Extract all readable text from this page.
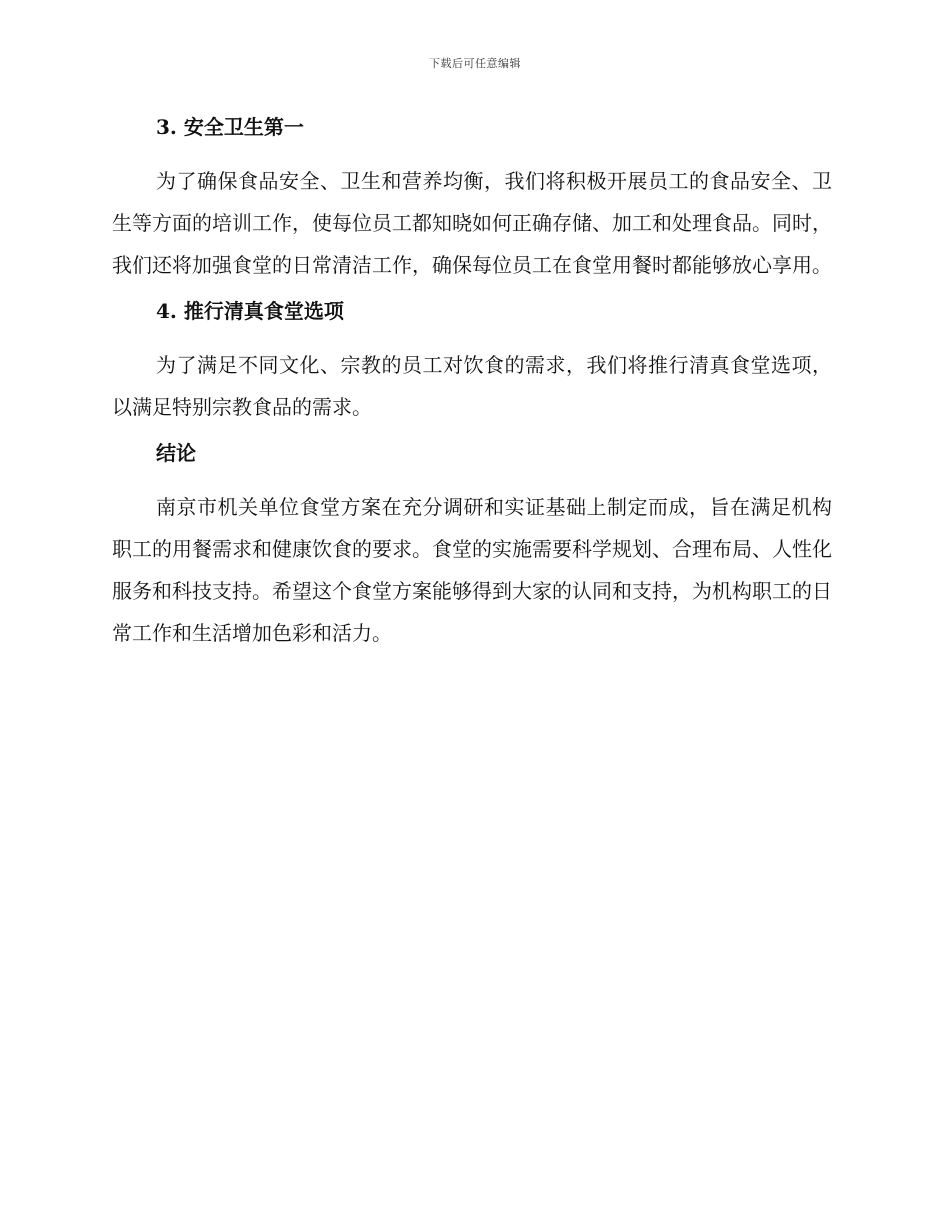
下载后可任意编辑
3. 安全卫生第一

为了确保食品安全、卫生和营养均衡，我们将积极开展员工的食品安全、卫生等方面的培训工作，使每位员工都知晓如何正确存储、加工和处理食品。同时，我们还将加强食堂的日常清洁工作，确保每位员工在食堂用餐时都能够放心享用。

4. 推行清真食堂选项

为了满足不同文化、宗教的员工对饮食的需求，我们将推行清真食堂选项，以满足特别宗教食品的需求。

结论

南京市机关单位食堂方案在充分调研和实证基础上制定而成，旨在满足机构职工的用餐需求和健康饮食的要求。食堂的实施需要科学规划、合理布局、人性化服务和科技支持。希望这个食堂方案能够得到大家的认同和支持，为机构职工的日常工作和生活增加色彩和活力。
